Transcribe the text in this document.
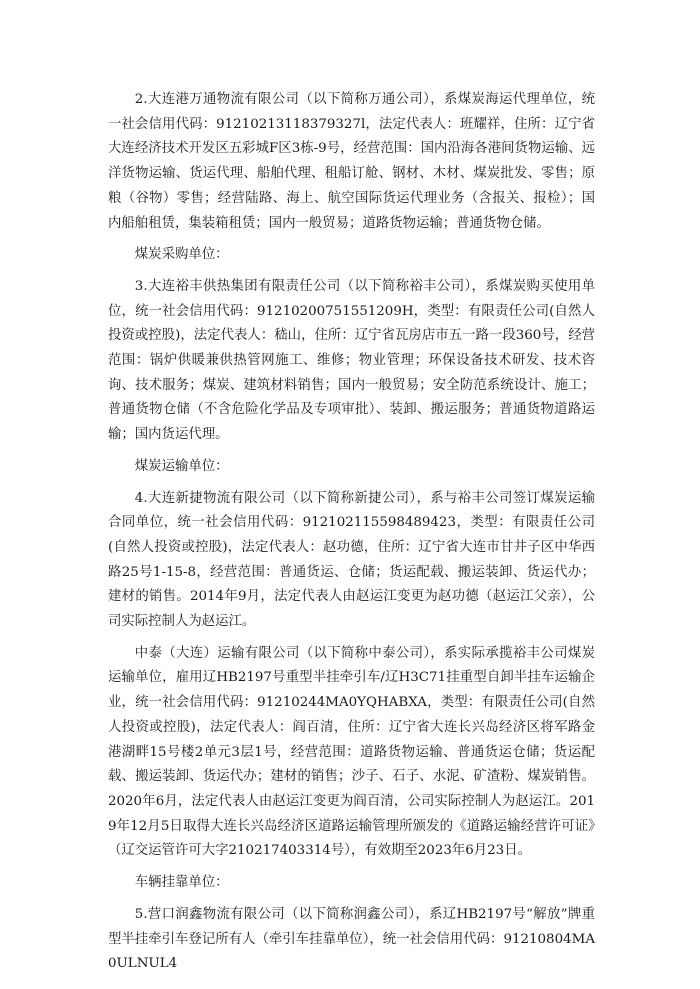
2.大连港万通物流有限公司（以下简称万通公司），系煤炭海运代理单位，统一社会信用代码：91210213118379327l，法定代表人：班耀祥，住所：辽宁省大连经济技术开发区五彩城F区3栋-9号，经营范围：国内沿海各港间货物运输、远洋货物运输、货运代理、船舶代理、租船订舱、钢材、木材、煤炭批发、零售；原粮（谷物）零售；经营陆路、海上、航空国际货运代理业务（含报关、报检）；国内船舶租赁，集装箱租赁；国内一般贸易；道路货物运输；普通货物仓储。

煤炭采购单位：

3.大连裕丰供热集团有限责任公司（以下简称裕丰公司），系煤炭购买使用单位，统一社会信用代码：91210200751551209H，类型：有限责任公司(自然人投资或控股)，法定代表人：嵇山，住所：辽宁省瓦房店市五一路一段360号，经营范围：锅炉供暖兼供热管网施工、维修；物业管理；环保设备技术研发、技术咨询、技术服务；煤炭、建筑材料销售；国内一般贸易；安全防范系统设计、施工；普通货物仓储（不含危险化学品及专项审批）、装卸、搬运服务；普通货物道路运输；国内货运代理。

煤炭运输单位：

4.大连新捷物流有限公司（以下简称新捷公司），系与裕丰公司签订煤炭运输合同单位，统一社会信用代码：912102115598489423，类型：有限责任公司(自然人投资或控股)，法定代表人：赵功德，住所：辽宁省大连市甘井子区中华西路25号1-15-8，经营范围：普通货运、仓储；货运配载、搬运装卸、货运代办；建材的销售。2014年9月，法定代表人由赵运江变更为赵功德（赵运江父亲），公司实际控制人为赵运江。

中泰（大连）运输有限公司（以下简称中泰公司），系实际承揽裕丰公司煤炭运输单位，雇用辽HB2197号重型半挂牵引车/辽H3C71挂重型自卸半挂车运输企业，统一社会信用代码：91210244MA0YQHABXA，类型：有限责任公司(自然人投资或控股)，法定代表人：阎百清，住所：辽宁省大连长兴岛经济区将军路金港湖畔15号楼2单元3层1号，经营范围：道路货物运输、普通货运仓储；货运配载、搬运装卸、货运代办；建材的销售；沙子、石子、水泥、矿渣粉、煤炭销售。2020年6月，法定代表人由赵运江变更为阎百清，公司实际控制人为赵运江。2019年12月5日取得大连长兴岛经济区道路运输管理所颁发的《道路运输经营许可证》（辽交运管许可大字210217403314号），有效期至2023年6月23日。

车辆挂靠单位：

5.营口润鑫物流有限公司（以下简称润鑫公司），系辽HB2197号“解放”牌重型半挂牵引车登记所有人（牵引车挂靠单位），统一社会信用代码：91210804MA0ULNUL4
